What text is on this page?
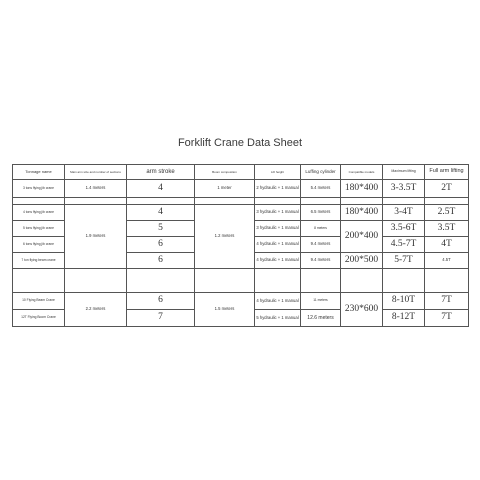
Forklift Crane Data Sheet
Tonnage name	Main arm size and number of sections	arm stroke	Boom composition	Lift height	Luffing cylinder	Compatible models	Maximum lifting	Full arm lifting	
3 tons flying jib crane	1.4 meters	4	1 meter	2 hydraulic + 1 manual	5.4 meters	180*400	3-3.5T	2T	

4 tons flying jib crane	1.9 meters	4	1.2 meters	3 hydraulic + 1 manual	6.5 meters	180*400	3-4T	2.5T	
5 tons flying jib crane		5		3 hydraulic + 1 manual	8 meters	200*400	3.5-6T	3.5T	
6 tons flying jib crane		6		4 hydraulic + 1 manual	9.4 meters		4.5-7T	4T	
7 ton flying beam crane		6		4 hydraulic + 1 manual	9.4 meters	200*500	5-7T	4.5T	

10 Flying Beam Crane	2.2 meters	6	1.5 meters	4 hydraulic + 1 manual	11 meters	230*600	8-10T	7T	
12T Flying Boom Crane		7		5 hydraulic + 1 manual	12.6 meters		8-12T	7T	
